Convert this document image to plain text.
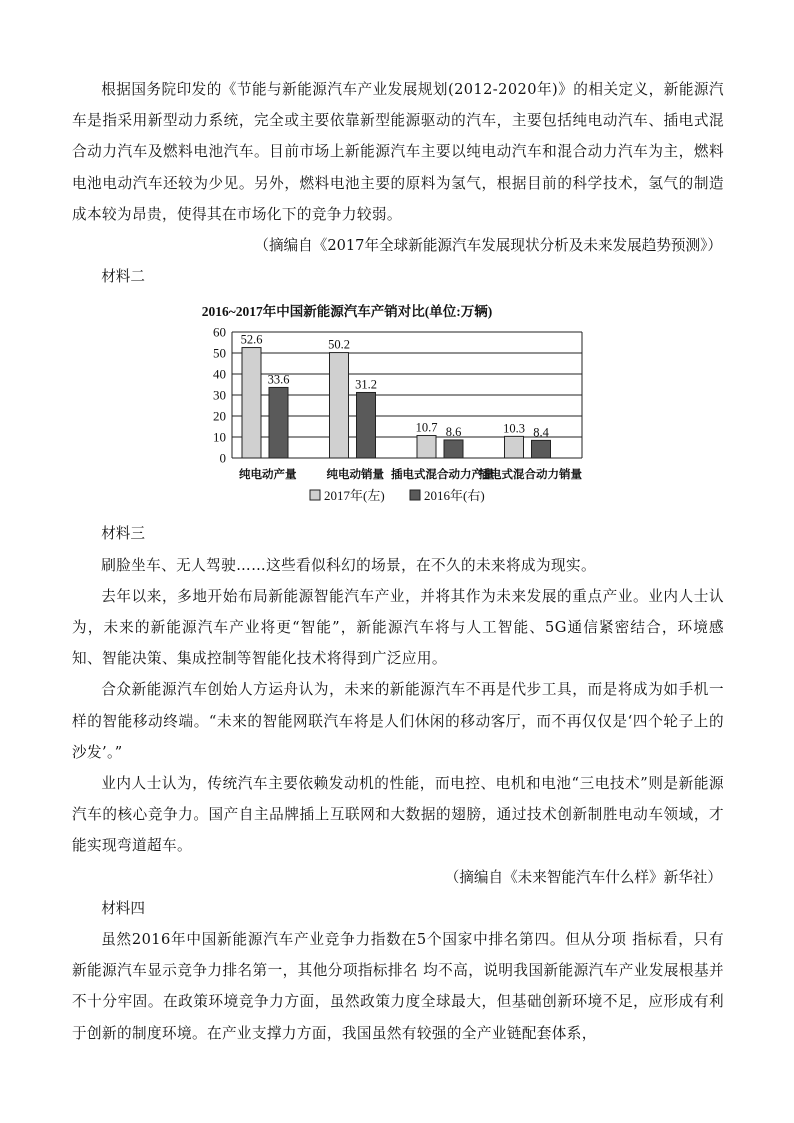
根据国务院印发的《节能与新能源汽车产业发展规划(2012-2020年)》的相关定义，新能源汽车是指采用新型动力系统，完全或主要依靠新型能源驱动的汽车，主要包括纯电动汽车、插电式混合动力汽车及燃料电池汽车。目前市场上新能源汽车主要以纯电动汽车和混合动力汽车为主，燃料电池电动汽车还较为少见。另外，燃料电池主要的原料为氢气，根据目前的科学技术，氢气的制造成本较为昂贵，使得其在市场化下的竞争力较弱。

（摘编自《2017年全球新能源汽车发展现状分析及未来发展趋势预测》）
材料二
2016~2017年中国新能源汽车产销对比(单位:万辆)
0
10
20
30
40
50
60
52.6
33.6
纯电动产量
50.2
31.2
纯电动销量
10.7 8.6
插电式混合动力产量
10.3 8.4
插电式混合动力销量
2017年(左)	2016年(右)
材料三

刷脸坐车、无人驾驶……这些看似科幻的场景，在不久的未来将成为现实。

去年以来，多地开始布局新能源智能汽车产业，并将其作为未来发展的重点产业。业内人士认为，未来的新能源汽车产业将更“智能”，新能源汽车将与人工智能、5G通信紧密结合，环境感知、智能决策、集成控制等智能化技术将得到广泛应用。

合众新能源汽车创始人方运舟认为，未来的新能源汽车不再是代步工具，而是将成为如手机一样的智能移动终端。“未来的智能网联汽车将是人们休闲的移动客厅，而不再仅仅是‘四个轮子上的沙发’。”

业内人士认为，传统汽车主要依赖发动机的性能，而电控、电机和电池“三电技术”则是新能源汽车的核心竞争力。国产自主品牌插上互联网和大数据的翅膀，通过技术创新制胜电动车领域，才能实现弯道超车。

（摘编自《未来智能汽车什么样》新华社）
材料四

虽然2016年中国新能源汽车产业竞争力指数在5个国家中排名第四。但从分项 指标看，只有新能源汽车显示竞争力排名第一，其他分项指标排名 均不高，说明我国新能源汽车产业发展根基并不十分牢固。在政策环境竞争力方面，虽然政策力度全球最大，但基础创新环境不足，应形成有利于创新的制度环境。在产业支撑力方面，我国虽然有较强的全产业链配套体系，
